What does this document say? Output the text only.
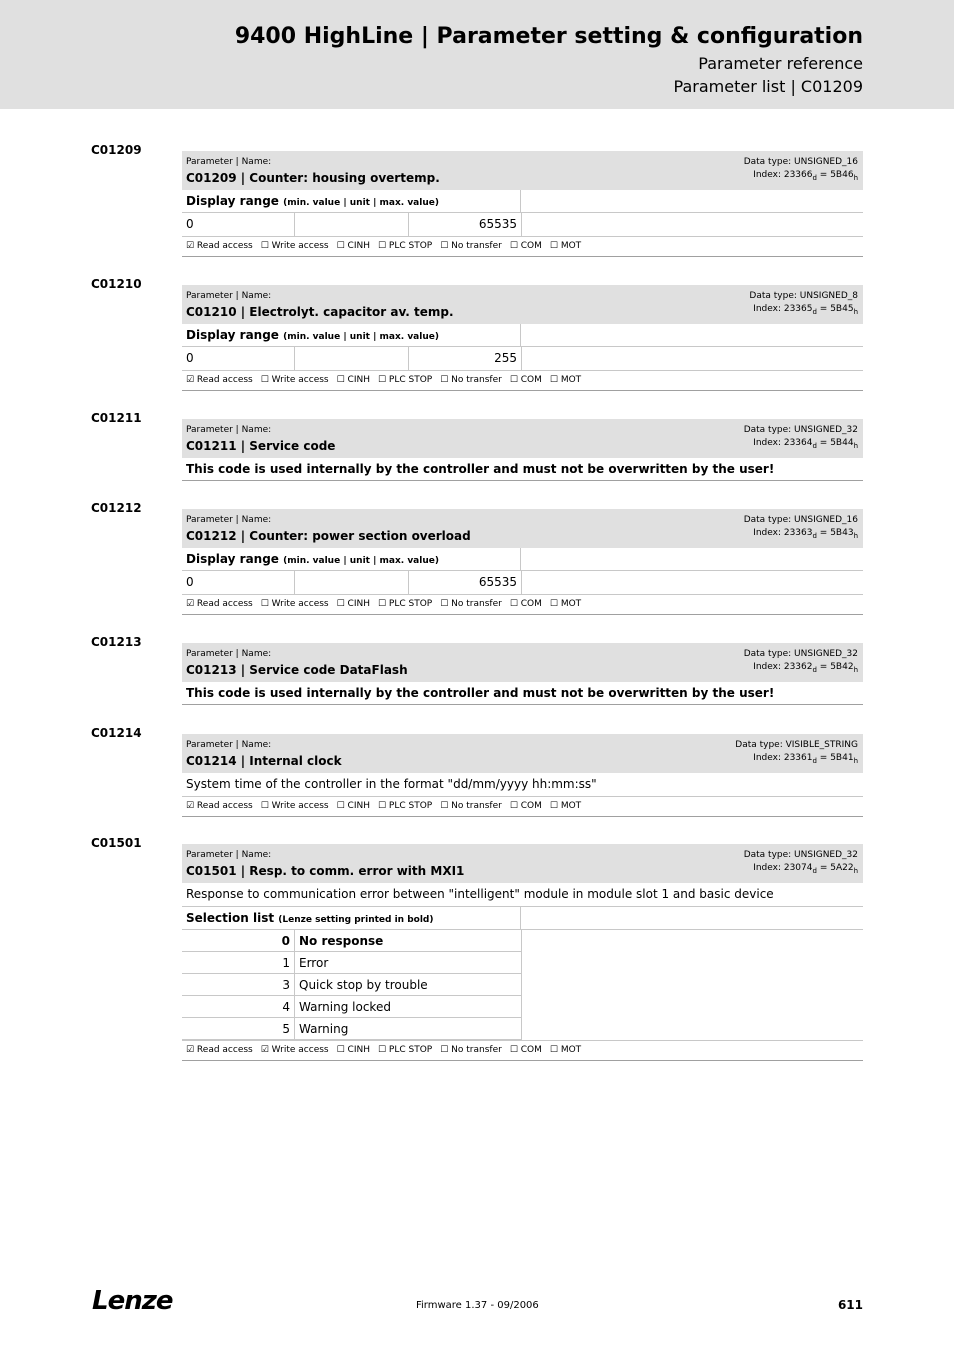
9400 HighLine | Parameter setting & configuration
Parameter reference
Parameter list | C01209
C01209
Parameter | Name:
C01209 | Counter: housing overtemp.
Data type: UNSIGNED_16
Index: $23366_d = 5B46_h$
Display range (min. value | unit | max. value)
0	65535
☑ Read access ☐ Write access ☐ CINH ☐ PLC STOP ☐ No transfer ☐ COM ☐ MOT
C01210
Parameter | Name:
C01210 | Electrolyt. capacitor av. temp.
Data type: UNSIGNED_8
Index: $23365_d = 5B45_h$
Display range (min. value | unit | max. value)
0	255
☑ Read access ☐ Write access ☐ CINH ☐ PLC STOP ☐ No transfer ☐ COM ☐ MOT
C01211
Parameter | Name:
C01211 | Service code
Data type: UNSIGNED_32
Index: $23364_d = 5B44_h$
This code is used internally by the controller and must not be overwritten by the user!
C01212
Parameter | Name:
C01212 | Counter: power section overload
Data type: UNSIGNED_16
Index: $23363_d = 5B43_h$
Display range (min. value | unit | max. value)
0	65535
☑ Read access ☐ Write access ☐ CINH ☐ PLC STOP ☐ No transfer ☐ COM ☐ MOT
C01213
Parameter | Name:
C01213 | Service code DataFlash
Data type: UNSIGNED_32
Index: $23362_d = 5B42_h$
This code is used internally by the controller and must not be overwritten by the user!
C01214
Parameter | Name:
C01214 | Internal clock
Data type: VISIBLE_STRING
Index: $23361_d = 5B41_h$
System time of the controller in the format "dd/mm/yyyy hh:mm:ss"
☑ Read access ☐ Write access ☐ CINH ☐ PLC STOP ☐ No transfer ☐ COM ☐ MOT
C01501
Parameter | Name:
C01501 | Resp. to comm. error with MXI1
Data type: UNSIGNED_32
Index: $23074_d = 5A22_h$
Response to communication error between "intelligent" module in module slot 1 and basic device
Selection list (Lenze setting printed in bold)
0 No response
1 Error
3 Quick stop by trouble
4 Warning locked
5 Warning
☑ Read access ☑ Write access ☐ CINH ☐ PLC STOP ☐ No transfer ☐ COM ☐ MOT
Lenze	Firmware 1.37 - 09/2006	611
